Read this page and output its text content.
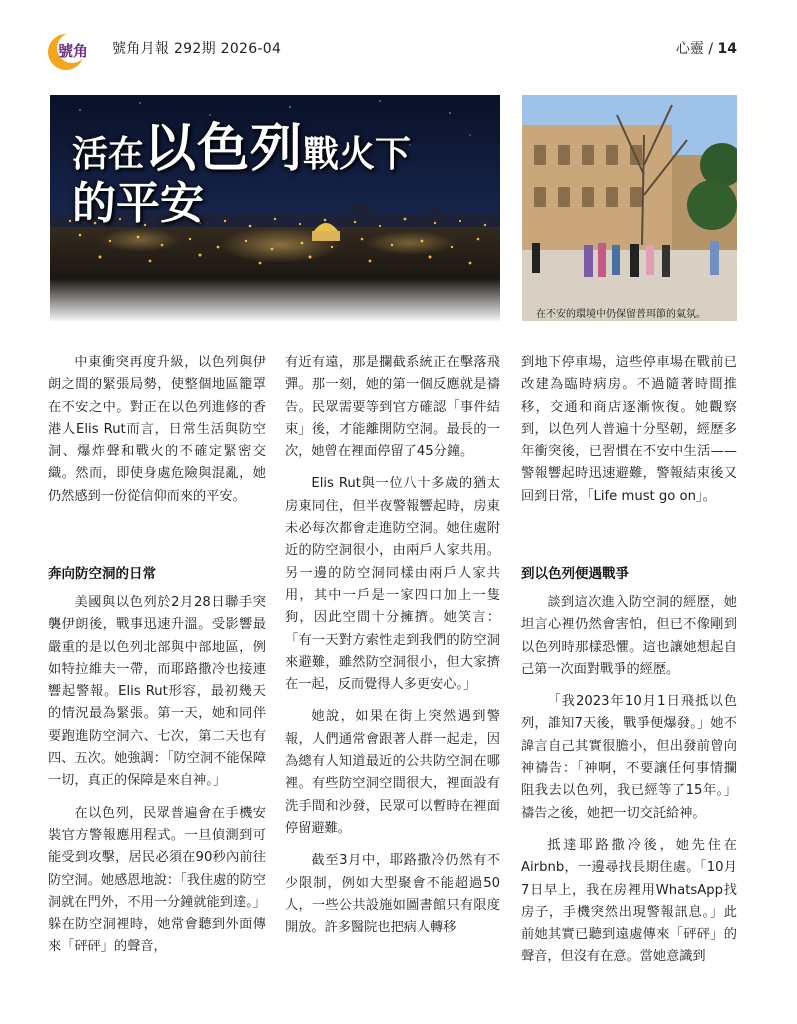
號角 號角月報 292期 2026-04	心靈 / 14
活在以色列戰火下
的平安
在不安的環境中仍保留普珥節的氣氛。

中東衝突再度升級，以色列與伊朗之間的緊張局勢，使整個地區籠罩在不安之中。對正在以色列進修的香港人Elis Rut而言，日常生活與防空洞、爆炸聲和戰火的不確定緊密交織。然而，即使身處危險與混亂，她仍然感到一份從信仰而來的平安。

奔向防空洞的日常

美國與以色列於2月28日聯手突襲伊朗後，戰事迅速升溫。受影響最嚴重的是以色列北部與中部地區，例如特拉維夫一帶，而耶路撒冷也接連響起警報。Elis Rut形容，最初幾天的情況最為緊張。第一天，她和同伴要跑進防空洞六、七次，第二天也有四、五次。她強調：「防空洞不能保障一切，真正的保障是來自神。」

在以色列，民眾普遍會在手機安裝官方警報應用程式。一旦偵測到可能受到攻擊，居民必須在90秒內前往防空洞。她感恩地說：「我住處的防空洞就在門外，不用一分鐘就能到達。」躲在防空洞裡時，她常會聽到外面傳來「砰砰」的聲音，

有近有遠，那是攔截系統正在擊落飛彈。那一刻，她的第一個反應就是禱告。民眾需要等到官方確認「事件結束」後，才能離開防空洞。最長的一次，她曾在裡面停留了45分鐘。

Elis Rut與一位八十多歲的猶太房東同住，但半夜警報響起時，房東未必每次都會走進防空洞。她住處附近的防空洞很小，由兩戶人家共用。另一邊的防空洞同樣由兩戶人家共用，其中一戶是一家四口加上一隻狗，因此空間十分擁擠。她笑言：「有一天對方索性走到我們的防空洞來避難，雖然防空洞很小，但大家擠在一起，反而覺得人多更安心。」

她說，如果在街上突然遇到警報，人們通常會跟著人群一起走，因為總有人知道最近的公共防空洞在哪裡。有些防空洞空間很大，裡面設有洗手間和沙發，民眾可以暫時在裡面停留避難。

截至3月中，耶路撒冷仍然有不少限制，例如大型聚會不能超過50人，一些公共設施如圖書館只有限度開放。許多醫院也把病人轉移

到地下停車場，這些停車場在戰前已改建為臨時病房。不過隨著時間推移，交通和商店逐漸恢復。她觀察到，以色列人普遍十分堅韌，經歷多年衝突後，已習慣在不安中生活——警報響起時迅速避難，警報結束後又回到日常，「Life must go on」。

到以色列便遇戰爭

談到這次進入防空洞的經歷，她坦言心裡仍然會害怕，但已不像剛到以色列時那樣恐懼。這也讓她想起自己第一次面對戰爭的經歷。

「我2023年10月1日飛抵以色列，誰知7天後，戰爭便爆發。」她不諱言自己其實很膽小，但出發前曾向神禱告：「神啊，不要讓任何事情攔阻我去以色列，我已經等了15年。」禱告之後，她把一切交託給神。

抵達耶路撒冷後，她先住在Airbnb，一邊尋找長期住處。「10月7日早上，我在房裡用WhatsApp找房子，手機突然出現警報訊息。」此前她其實已聽到遠處傳來「砰砰」的聲音，但沒有在意。當她意識到
